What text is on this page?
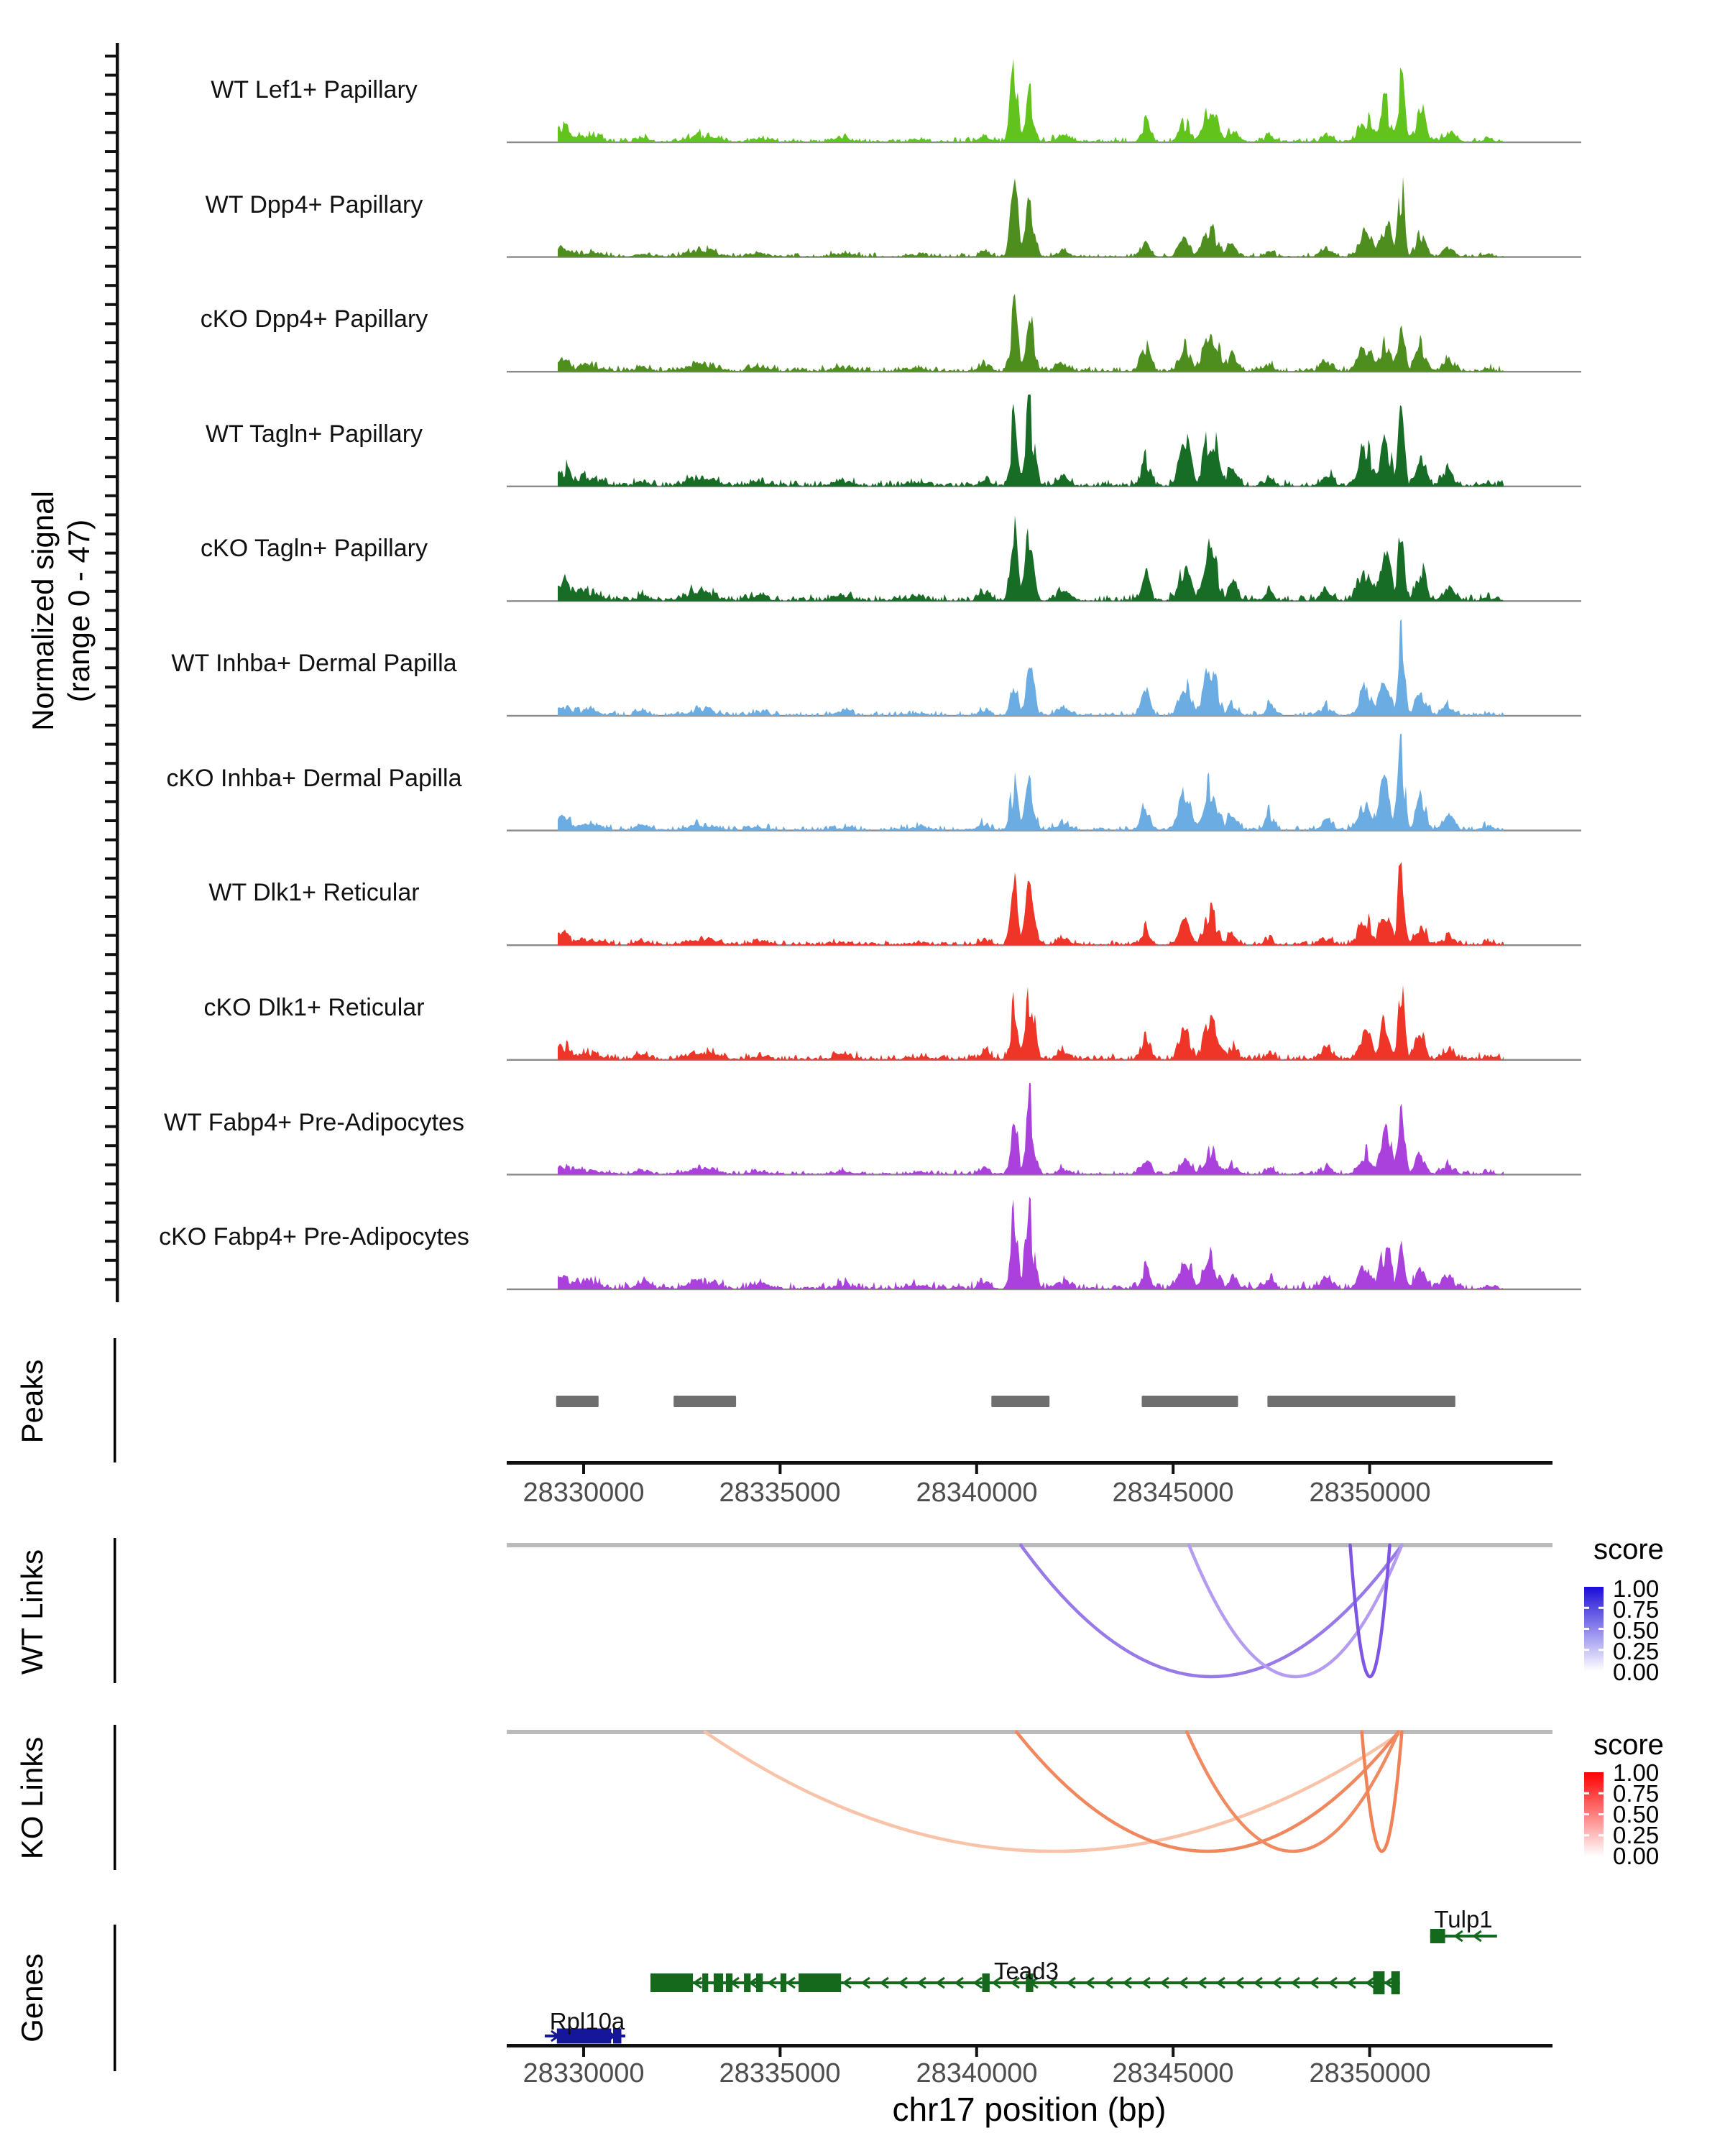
Normalized signal (range 0 - 47)
Peaks
WT Links
KO Links
Genes
WT Lef1+ Papillary
WT Dpp4+ Papillary
cKO Dpp4+ Papillary
WT Tagln+ Papillary
cKO Tagln+ Papillary
WT Inhba+ Dermal Papilla
cKO Inhba+ Dermal Papilla
WT Dlk1+ Reticular
cKO Dlk1+ Reticular
WT Fabp4+ Pre-Adipocytes
cKO Fabp4+ Pre-Adipocytes
28330000	28335000	28340000	28345000	28350000
28330000	28335000	28340000	28345000	28350000
chr17 position (bp)
score
1.00
0.75
0.50
0.25
0.00
score
1.00
0.75
0.50
0.25
0.00
Tead3
Tulp1
Rpl10a
